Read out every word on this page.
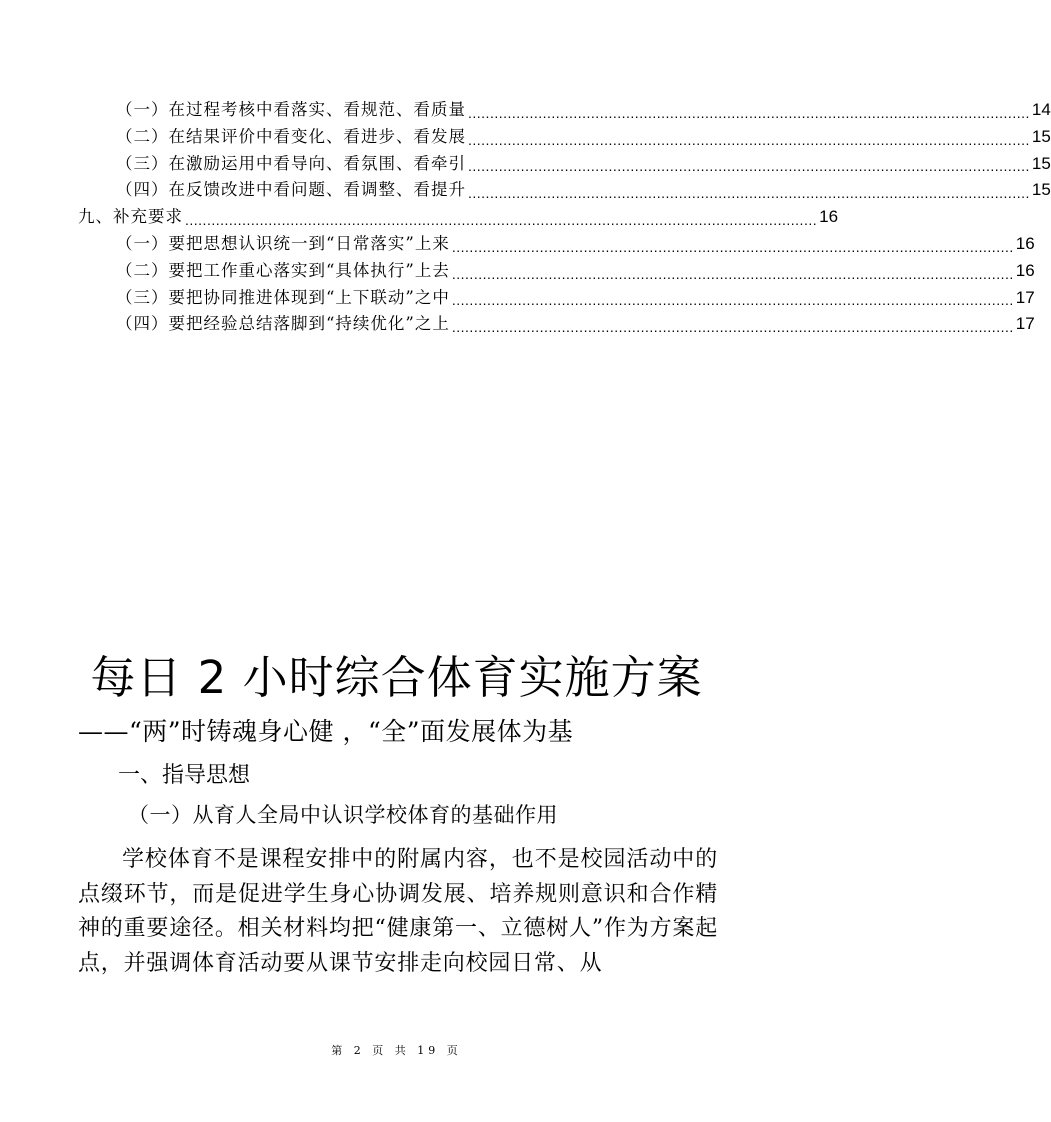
（一）在过程考核中看落实、看规范、看质量 ................................................................................................................................ 14
（二）在结果评价中看变化、看进步、看发展 ................................................................................................................................ 15
（三）在激励运用中看导向、看氛围、看牵引 ................................................................................................................................ 15
（四）在反馈改进中看问题、看调整、看提升 ................................................................................................................................ 15
九、补充要求 ................................................................................................................................................ 16
（一）要把思想认识统一到“日常落实”上来 ................................................................................................................................ 16
（二）要把工作重心落实到“具体执行”上去 ................................................................................................................................ 16
（三）要把协同推进体现到“上下联动”之中 ................................................................................................................................ 17
（四）要把经验总结落脚到“持续优化”之上 ................................................................................................................................ 17
每日 2 小时综合体育实施方案
——“两”时铸魂身心健 ，“全”面发展体为基
一、指导思想
（一）从育人全局中认识学校体育的基础作用

学校体育不是课程安排中的附属内容，也不是校园活动中的点缀环节，而是促进学生身心协调发展、培养规则意识和合作精神的重要途径。相关材料均把“健康第一、立德树人”作为方案起点，并强调体育活动要从课节安排走向校园日常、从

第 2 页 共 19 页
